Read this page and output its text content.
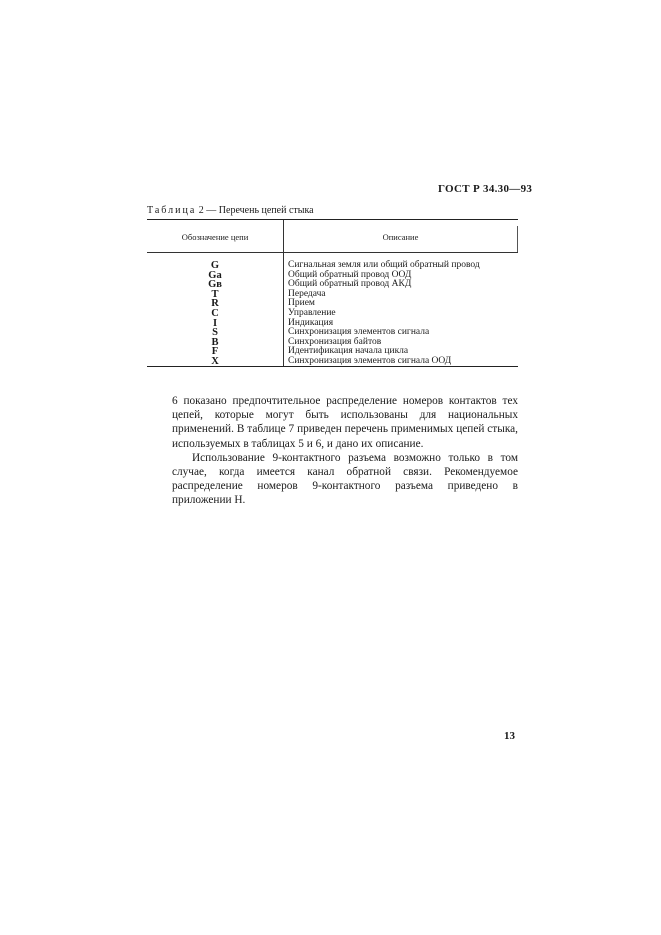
ГОСТ Р 34.30—93
Таблица 2 — Перечень цепей стыка
Обозначение цепи	Описание
G	Сигнальная земля или общий обратный провод
Ga	Общий обратный провод ООД
Gв	Общий обратный провод АКД
T	Передача
R	Прием
C	Управление
I	Индикация
S	Синхронизация элементов сигнала
B	Синхронизация байтов
F	Идентификация начала цикла
X	Синхронизация элементов сигнала ООД

6 показано предпочтительное распределение номеров контактов тех цепей, которые могут быть использованы для национальных применений. В таблице 7 приведен перечень применимых цепей стыка, используемых в таблицах 5 и 6, и дано их описание.

Использование 9-контактного разъема возможно только в том случае, когда имеется канал обратной связи. Рекомендуемое распределение номеров 9-контактного разъема приведено в приложении Н.

13
